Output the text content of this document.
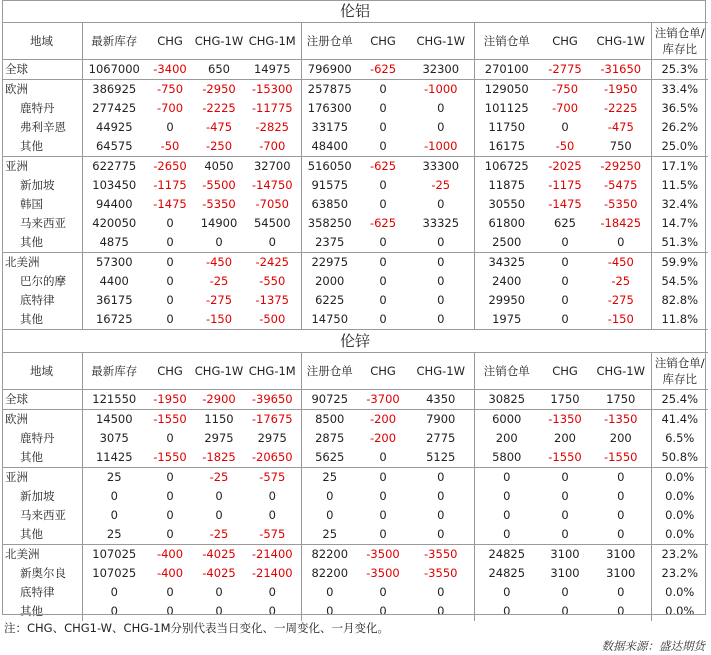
伦铝											
地域	最新库存	CHG	CHG-1W	CHG-1M	注册仓单	CHG	CHG-1W	注销仓单	CHG	CHG-1W	注销仓单/库存比
全球	1067000	-3400	650	14975	796900	-625	32300	270100	-2775	-31650	25.3%
欧洲	386925	-750	-2950	-15300	257875	0	-1000	129050	-750	-1950	33.4%
鹿特丹	277425	-700	-2225	-11775	176300	0	0	101125	-700	-2225	36.5%
弗利辛恩	44925	0	-475	-2825	33175	0	0	11750	0	-475	26.2%
其他	64575	-50	-250	-700	48400	0	-1000	16175	-50	750	25.0%
亚洲	622775	-2650	4050	32700	516050	-625	33300	106725	-2025	-29250	17.1%
新加坡	103450	-1175	-5500	-14750	91575	0	-25	11875	-1175	-5475	11.5%
韩国	94400	-1475	-5350	-7050	63850	0	0	30550	-1475	-5350	32.4%
马来西亚	420050	0	14900	54500	358250	-625	33325	61800	625	-18425	14.7%
其他	4875	0	0	0	2375	0	0	2500	0	0	51.3%
北美洲	57300	0	-450	-2425	22975	0	0	34325	0	-450	59.9%
巴尔的摩	4400	0	-25	-550	2000	0	0	2400	0	-25	54.5%
底特律	36175	0	-275	-1375	6225	0	0	29950	0	-275	82.8%
其他	16725	0	-150	-500	14750	0	0	1975	0	-150	11.8%
伦锌											
地域	最新库存	CHG	CHG-1W	CHG-1M	注册仓单	CHG	CHG-1W	注销仓单	CHG	CHG-1W	注销仓单/库存比
全球	121550	-1950	-2900	-39650	90725	-3700	4350	30825	1750	1750	25.4%
欧洲	14500	-1550	1150	-17675	8500	-200	7900	6000	-1350	-1350	41.4%
鹿特丹	3075	0	2975	2975	2875	-200	2775	200	200	200	6.5%
其他	11425	-1550	-1825	-20650	5625	0	5125	5800	-1550	-1550	50.8%
亚洲	25	0	-25	-575	25	0	0	0	0	0	0.0%
新加坡	0	0	0	0	0	0	0	0	0	0	0.0%
马来西亚	0	0	0	0	0	0	0	0	0	0	0.0%
其他	25	0	-25	-575	25	0	0	0	0	0	0.0%
北美洲	107025	-400	-4025	-21400	82200	-3500	-3550	24825	3100	3100	23.2%
新奥尔良	107025	-400	-4025	-21400	82200	-3500	-3550	24825	3100	3100	23.2%
底特律	0	0	0	0	0	0	0	0	0	0	0.0%
其他	0	0	0	0	0	0	0	0	0	0	0.0%
注：CHG、CHG1-W、CHG-1M分别代表当日变化、一周变化、一月变化。
数据来源：盛达期货
